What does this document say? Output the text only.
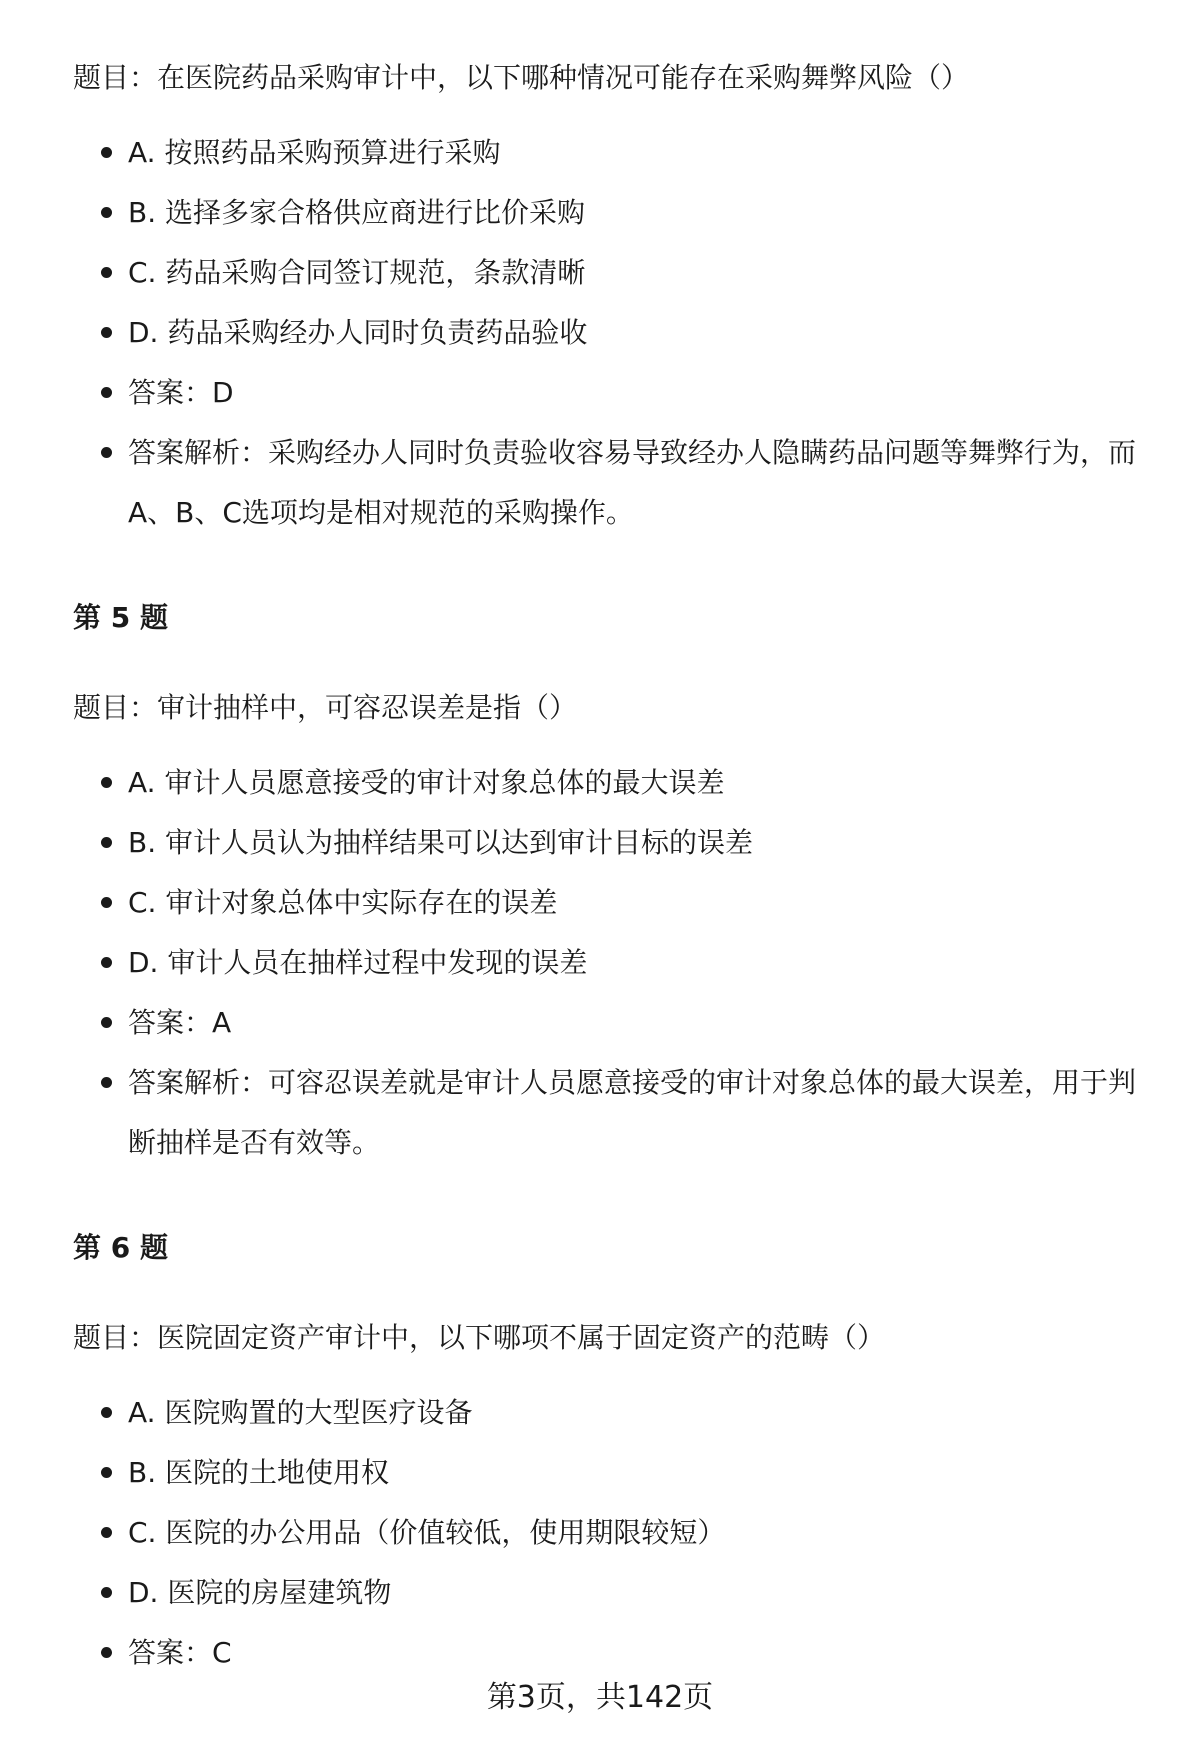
题目：在医院药品采购审计中，以下哪种情况可能存在采购舞弊风险（）
A. 按照药品采购预算进行采购
B. 选择多家合格供应商进行比价采购
C. 药品采购合同签订规范，条款清晰
D. 药品采购经办人同时负责药品验收
答案：D
答案解析：采购经办人同时负责验收容易导致经办人隐瞒药品问题等舞弊行为，而A、B、C选项均是相对规范的采购操作。
第 5 题
题目：审计抽样中，可容忍误差是指（）
A. 审计人员愿意接受的审计对象总体的最大误差
B. 审计人员认为抽样结果可以达到审计目标的误差
C. 审计对象总体中实际存在的误差
D. 审计人员在抽样过程中发现的误差
答案：A
答案解析：可容忍误差就是审计人员愿意接受的审计对象总体的最大误差，用于判断抽样是否有效等。
第 6 题
题目：医院固定资产审计中，以下哪项不属于固定资产的范畴（）
A. 医院购置的大型医疗设备
B. 医院的土地使用权
C. 医院的办公用品（价值较低，使用期限较短）
D. 医院的房屋建筑物
答案：C
第3页，共142页
